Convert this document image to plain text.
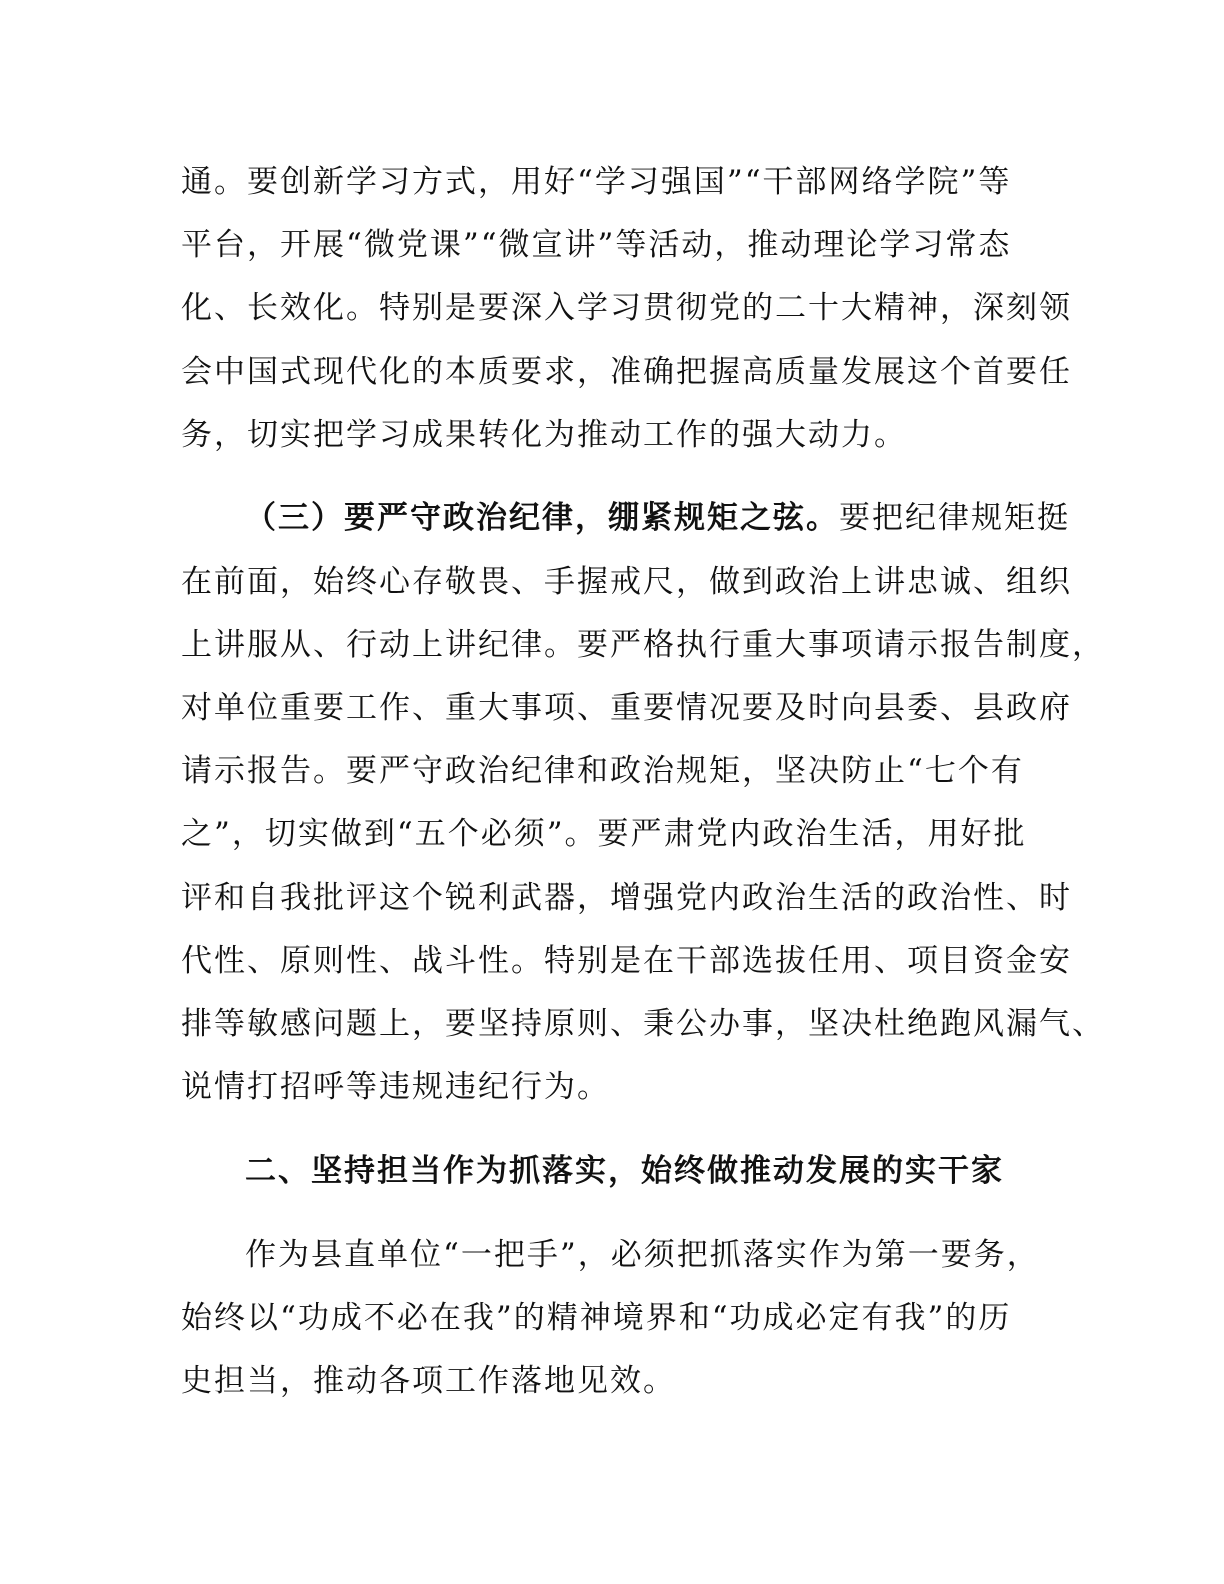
通。要创新学习方式，用好“学习强国”“干部网络学院”等

平台，开展“微党课”“微宣讲”等活动，推动理论学习常态

化、长效化。特别是要深入学习贯彻党的二十大精神，深刻领

会中国式现代化的本质要求，准确把握高质量发展这个首要任

务，切实把学习成果转化为推动工作的强大动力。

（三）要严守政治纪律，绷紧规矩之弦。要把纪律规矩挺

在前面，始终心存敬畏、手握戒尺，做到政治上讲忠诚、组织

上讲服从、行动上讲纪律。要严格执行重大事项请示报告制度，

对单位重要工作、重大事项、重要情况要及时向县委、县政府

请示报告。要严守政治纪律和政治规矩，坚决防止“七个有

之”，切实做到“五个必须”。要严肃党内政治生活，用好批

评和自我批评这个锐利武器，增强党内政治生活的政治性、时

代性、原则性、战斗性。特别是在干部选拔任用、项目资金安

排等敏感问题上，要坚持原则、秉公办事，坚决杜绝跑风漏气、

说情打招呼等违规违纪行为。

二、坚持担当作为抓落实，始终做推动发展的实干家

作为县直单位“一把手”，必须把抓落实作为第一要务，

始终以“功成不必在我”的精神境界和“功成必定有我”的历

史担当，推动各项工作落地见效。
